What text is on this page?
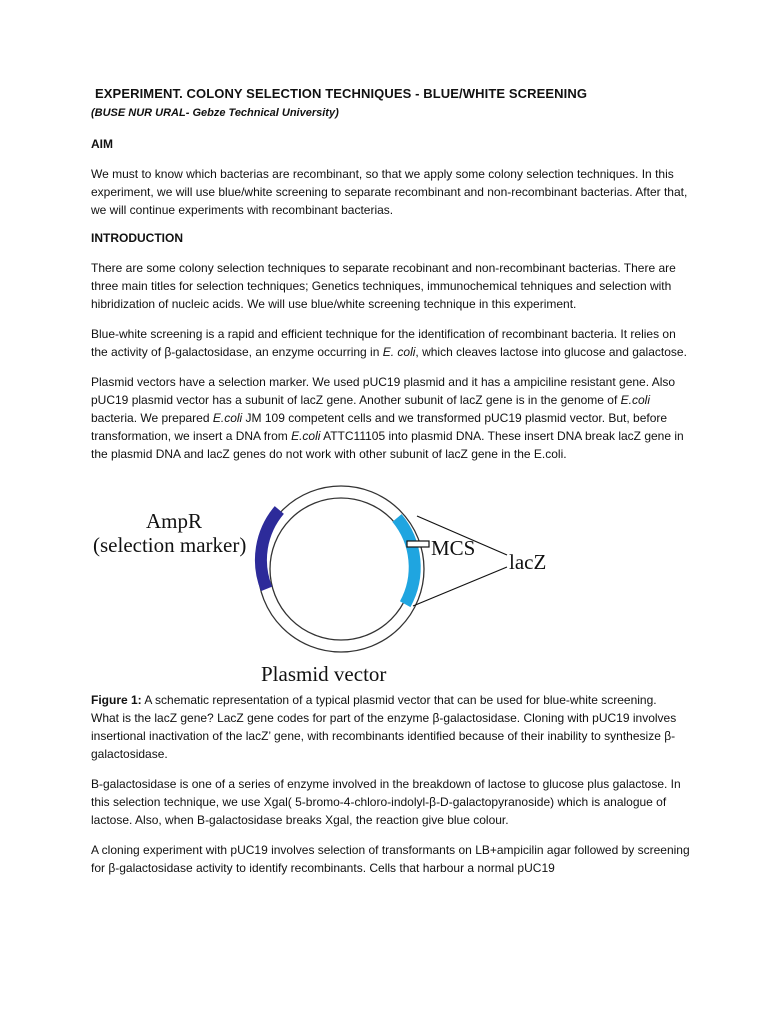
EXPERIMENT. COLONY SELECTION TECHNIQUES - BLUE/WHITE SCREENING
(BUSE NUR URAL- Gebze Technical University)
AIM

We must to know which bacterias are recombinant, so that we apply some colony selection techniques. In this experiment, we will use blue/white screening to separate recombinant and non-recombinant bacterias. After that, we will continue experiments with recombinant bacterias.

INTRODUCTION

There are some colony selection techniques to separate recobinant and non-recombinant bacterias. There are three main titles for selection techniques; Genetics techniques, immunochemical tehniques and selection with hibridization of nucleic acids. We will use blue/white screening technique in this experiment.

Blue-white screening is a rapid and efficient technique for the identification of recombinant bacteria. It relies on the activity of β-galactosidase, an enzyme occurring in E. coli, which cleaves lactose into glucose and galactose.

Plasmid vectors have a selection marker. We used pUC19 plasmid and it has a ampiciline resistant gene. Also pUC19 plasmid vector has a subunit of lacZ gene. Another subunit of lacZ gene is in the genome of E.coli bacteria. We prepared E.coli JM 109 competent cells and we transformed pUC19 plasmid vector. But, before transformation, we insert a DNA from E.coli ATTC11105 into plasmid DNA. These insert DNA break lacZ gene in the plasmid DNA and lacZ genes do not work with other subunit of lacZ gene in the E.coli.

AmpR
(selection marker)	MCS
lacZ
Plasmid vector

Figure 1: A schematic representation of a typical plasmid vector that can be used for blue-white screening.

What is the lacZ gene? LacZ gene codes for part of the enzyme β-galactosidase. Cloning with pUC19 involves insertional inactivation of the lacZ’ gene, with recombinants identified because of their inability to synthesize β-galactosidase.

B-galactosidase is one of a series of enzyme involved in the breakdown of lactose to glucose plus galactose. In this selection technique, we use Xgal( 5-bromo-4-chloro-indolyl-β-D-galactopyranoside) which is analogue of lactose. Also, when B-galactosidase breaks Xgal, the reaction give blue colour.

A cloning experiment with pUC19 involves selection of transformants on LB+ampicilin agar followed by screening for β-galactosidase activity to identify recombinants. Cells that harbour a normal pUC19
